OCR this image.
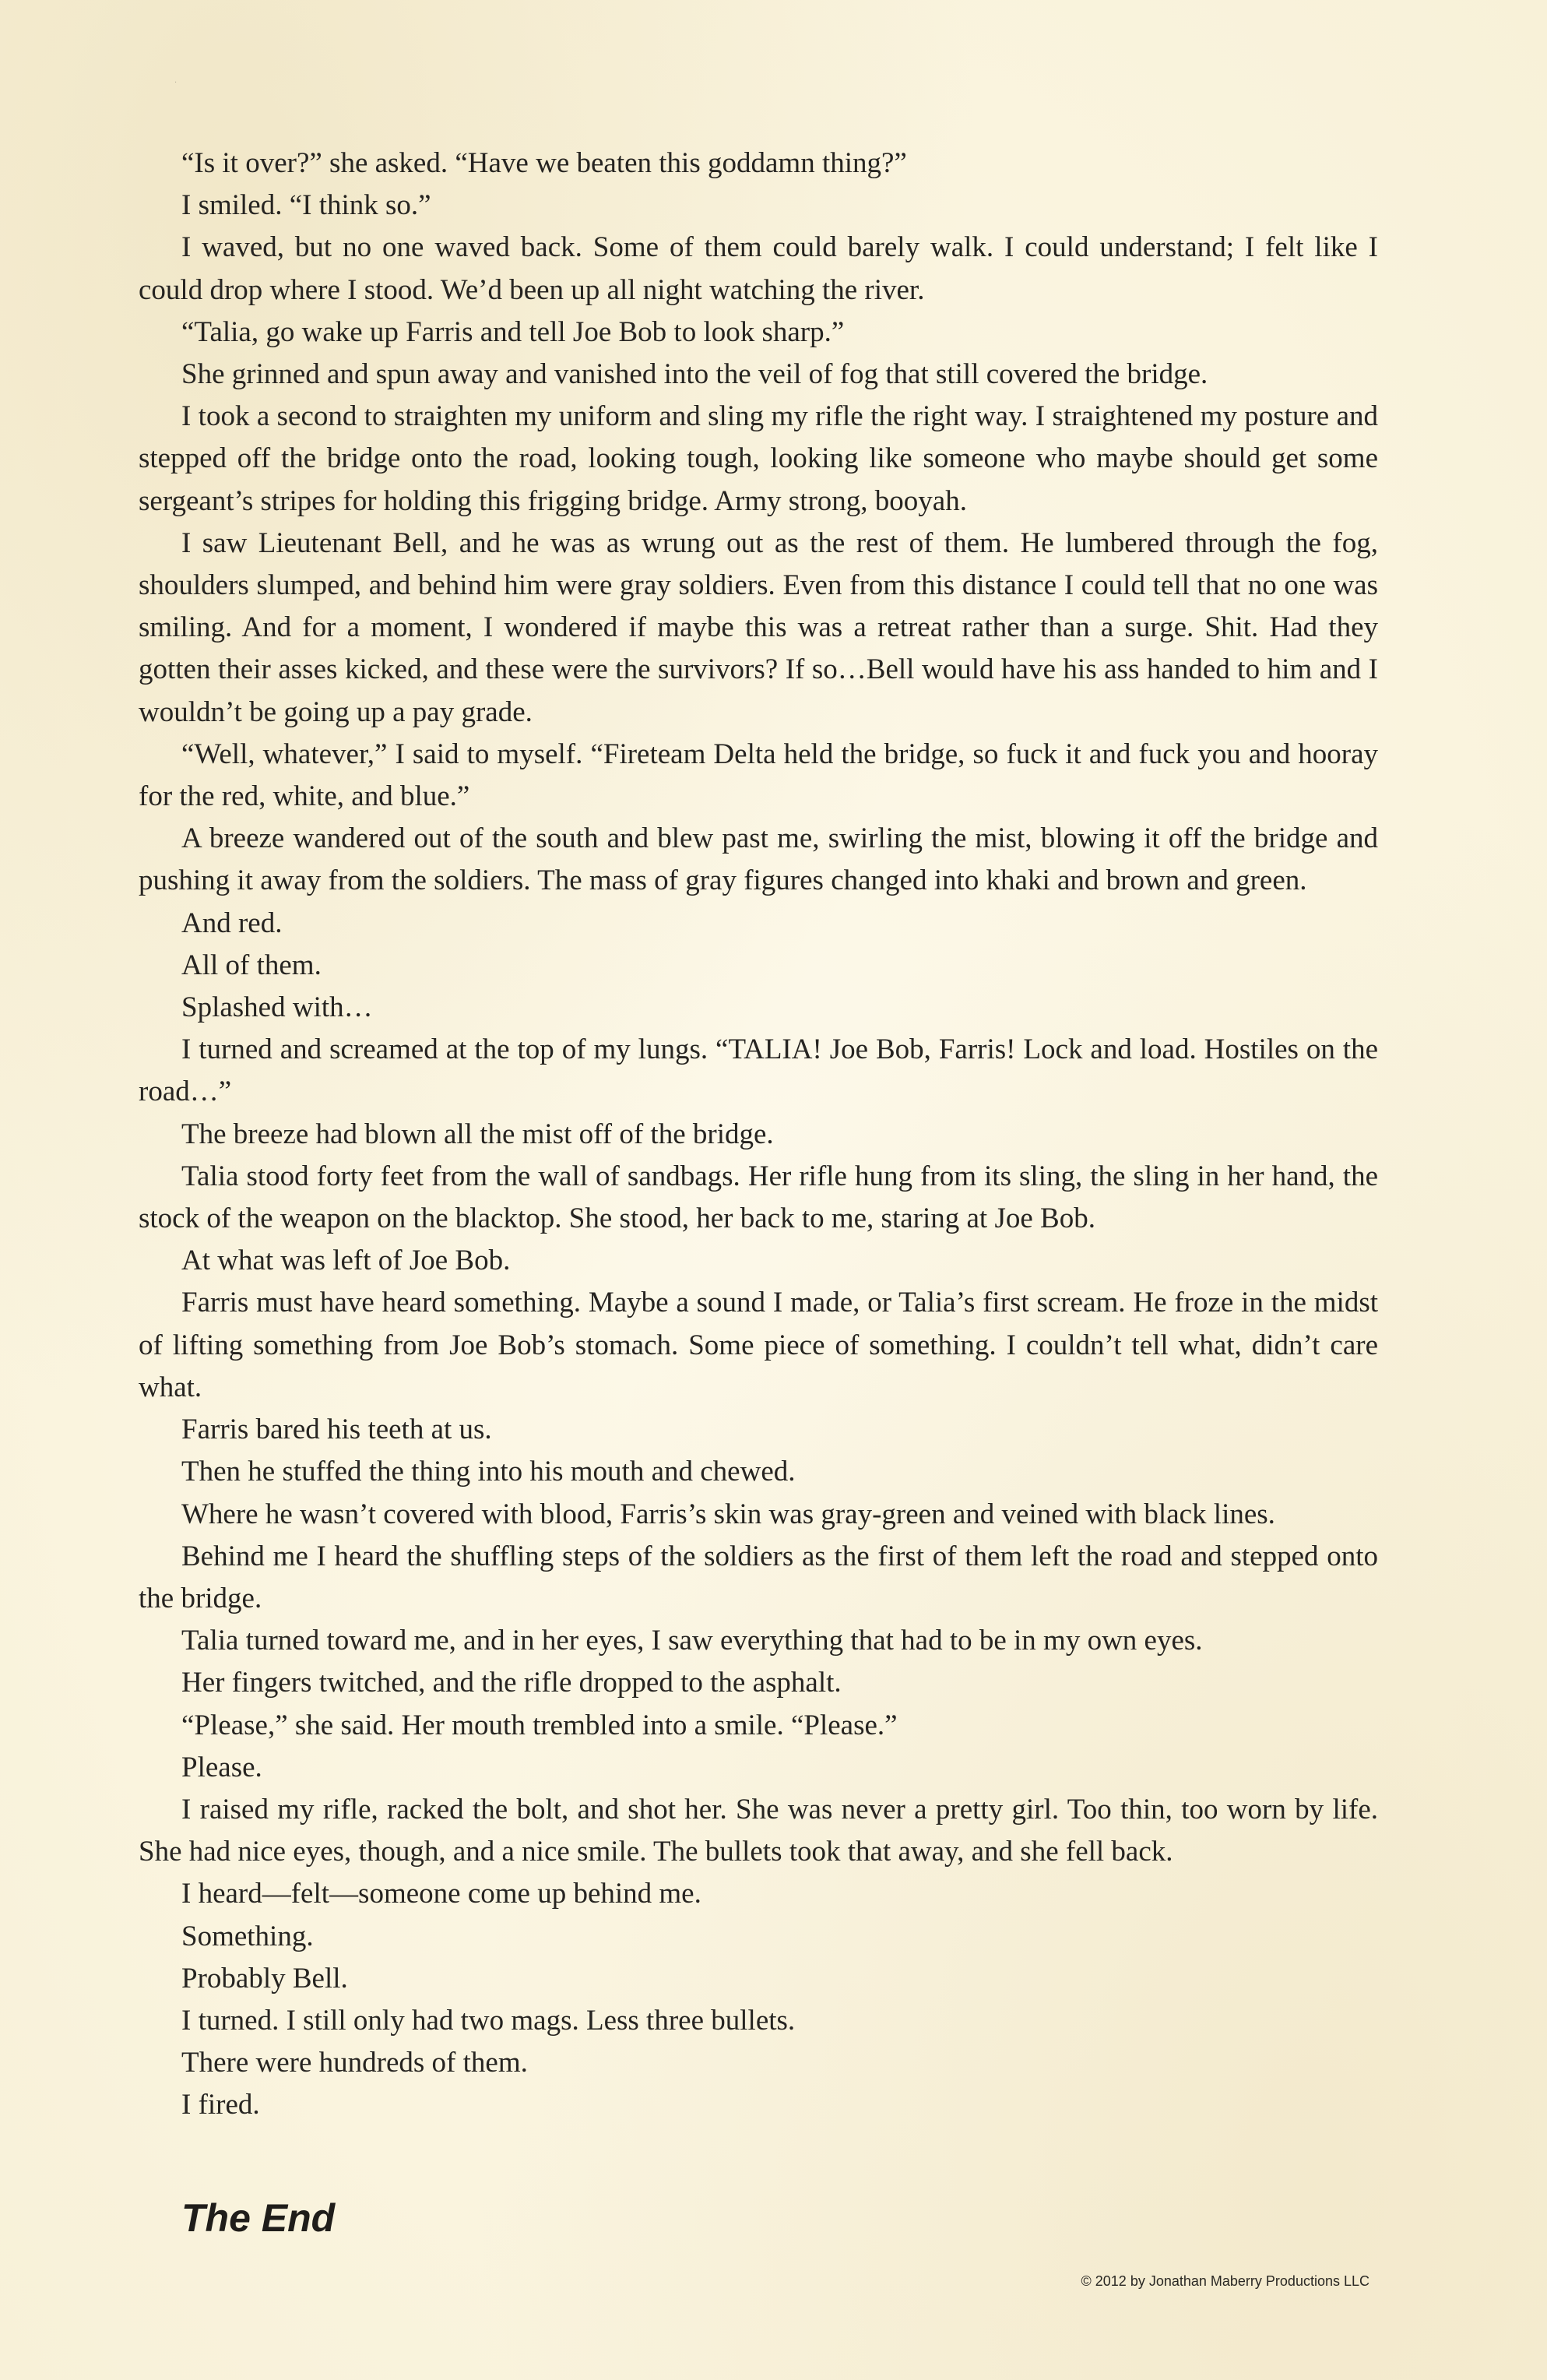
·

“Is it over?” she asked. “Have we beaten this goddamn thing?”

I smiled. “I think so.”

I waved, but no one waved back. Some of them could barely walk. I could understand; I felt like I could drop where I stood. We’d been up all night watching the river.

“Talia, go wake up Farris and tell Joe Bob to look sharp.”

She grinned and spun away and vanished into the veil of fog that still covered the bridge.

I took a second to straighten my uniform and sling my rifle the right way. I straightened my posture and stepped off the bridge onto the road, looking tough, looking like someone who maybe should get some sergeant’s stripes for holding this frigging bridge. Army strong, booyah.

I saw Lieutenant Bell, and he was as wrung out as the rest of them. He lumbered through the fog, shoulders slumped, and behind him were gray soldiers. Even from this distance I could tell that no one was smiling. And for a moment, I wondered if maybe this was a retreat rather than a surge. Shit. Had they gotten their asses kicked, and these were the survivors? If so…Bell would have his ass handed to him and I wouldn’t be going up a pay grade.

“Well, whatever,” I said to myself. “Fireteam Delta held the bridge, so fuck it and fuck you and hooray for the red, white, and blue.”

A breeze wandered out of the south and blew past me, swirling the mist, blowing it off the bridge and pushing it away from the soldiers. The mass of gray figures changed into khaki and brown and green.

And red.

All of them.

Splashed with…

I turned and screamed at the top of my lungs. “TALIA! Joe Bob, Farris! Lock and load. Hostiles on the road…”

The breeze had blown all the mist off of the bridge.

Talia stood forty feet from the wall of sandbags. Her rifle hung from its sling, the sling in her hand, the stock of the weapon on the blacktop. She stood, her back to me, staring at Joe Bob.

At what was left of Joe Bob.

Farris must have heard something. Maybe a sound I made, or Talia’s first scream. He froze in the midst of lifting something from Joe Bob’s stomach. Some piece of something. I couldn’t tell what, didn’t care what.

Farris bared his teeth at us.

Then he stuffed the thing into his mouth and chewed.

Where he wasn’t covered with blood, Farris’s skin was gray-green and veined with black lines.

Behind me I heard the shuffling steps of the soldiers as the first of them left the road and stepped onto the bridge.

Talia turned toward me, and in her eyes, I saw everything that had to be in my own eyes.

Her fingers twitched, and the rifle dropped to the asphalt.

“Please,” she said. Her mouth trembled into a smile. “Please.”

Please.

I raised my rifle, racked the bolt, and shot her. She was never a pretty girl. Too thin, too worn by life. She had nice eyes, though, and a nice smile. The bullets took that away, and she fell back.

I heard—felt—someone come up behind me.

Something.

Probably Bell.

I turned. I still only had two mags. Less three bullets.

There were hundreds of them.

I fired.

The End
© 2012 by Jonathan Maberry Productions LLC
